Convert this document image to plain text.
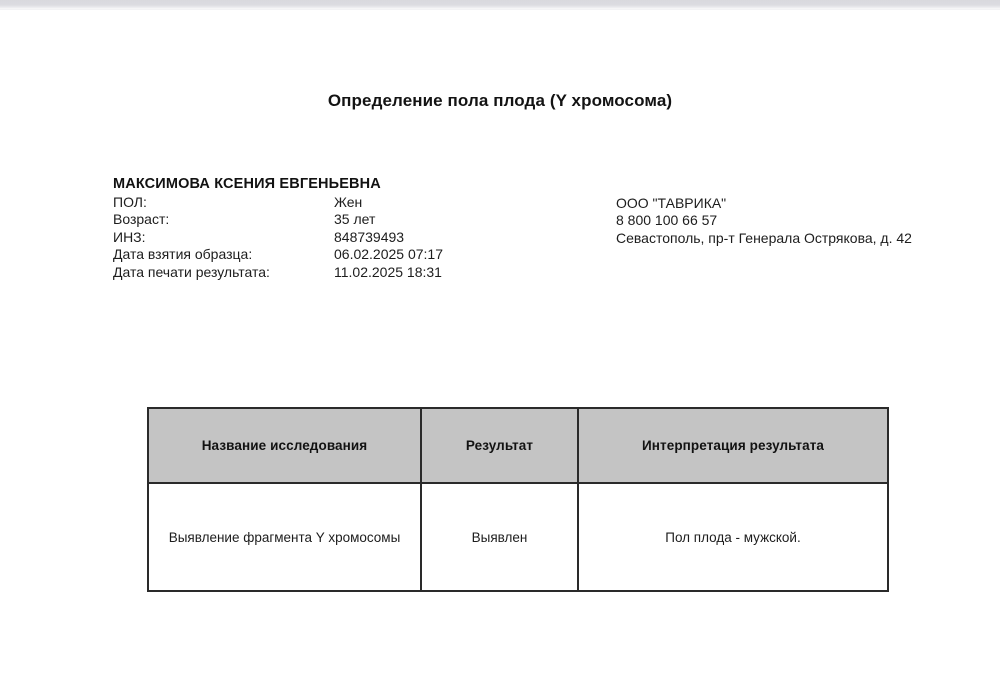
Определение пола плода (Y хромосома)
МАКСИМОВА КСЕНИЯ ЕВГЕНЬЕВНА
ПОЛ:	Жен
Возраст:	35 лет
ИНЗ:	848739493
Дата взятия образца:	06.02.2025 07:17
Дата печати результата:	11.02.2025 18:31
ООО "ТАВРИКА"
8 800 100 66 57
Севастополь, пр-т Генерала Острякова, д. 42
Название исследования	Результат	Интерпретация результата
Выявление фрагмента Y хромосомы	Выявлен	Пол плода - мужской.
